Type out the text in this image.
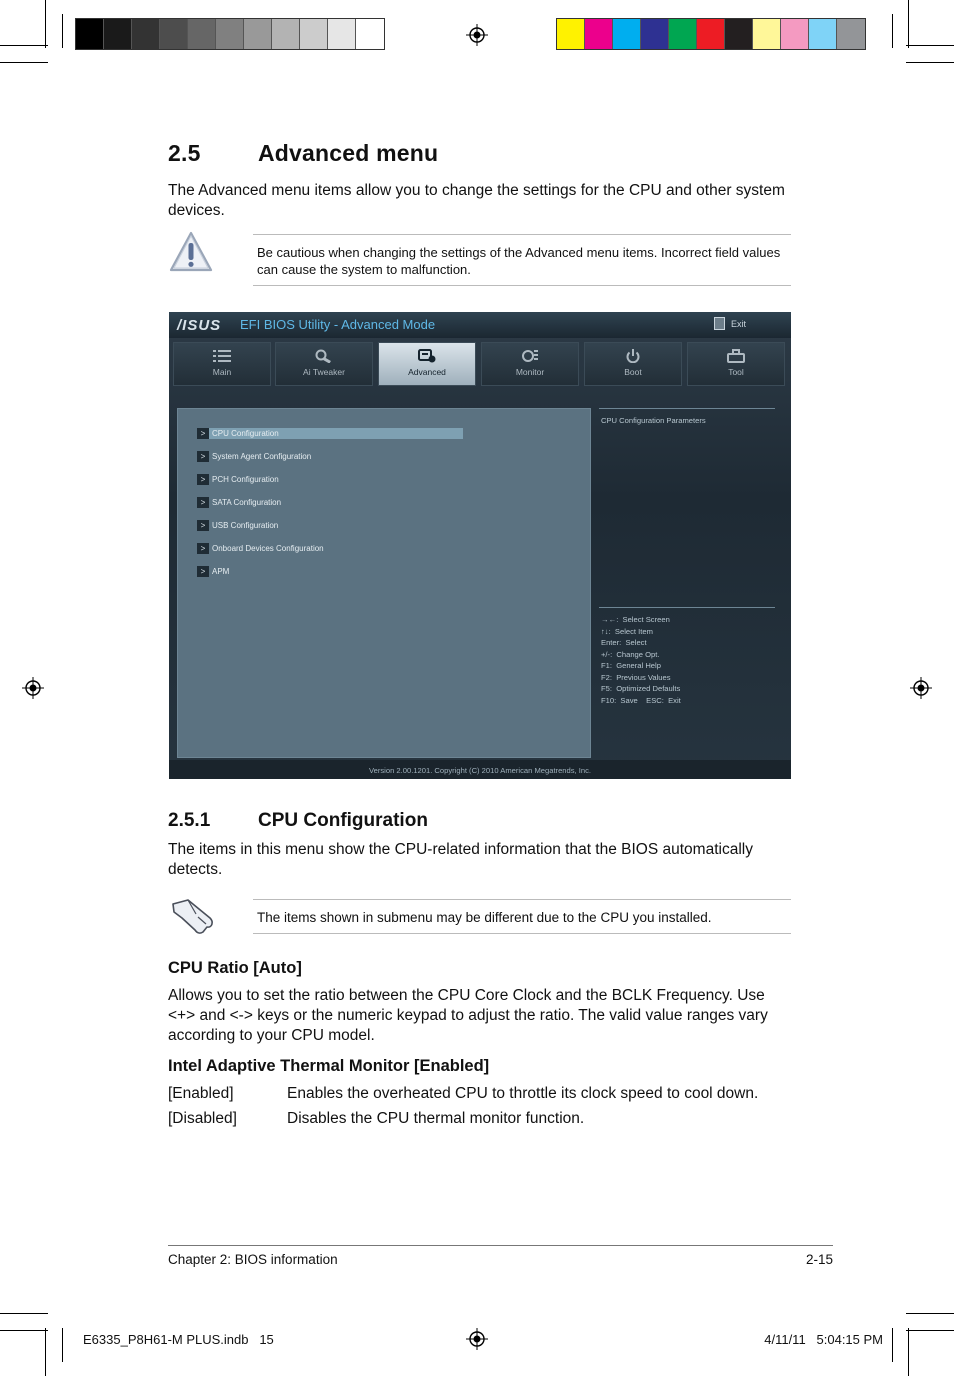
2.5 Advanced menu
The Advanced menu items allow you to change the settings for the CPU and other system devices.
Be cautious when changing the settings of the Advanced menu items. Incorrect field values can cause the system to malfunction.
/ISUS EFI BIOS Utility - Advanced Mode	Exit
Main	Ai Tweaker	Advanced	Monitor	Boot	Tool
> CPU Configuration
> System Agent Configuration
> PCH Configuration
> SATA Configuration
> USB Configuration
> Onboard Devices Configuration
> APM
CPU Configuration Parameters
→←:  Select Screen
↑↓:  Select Item
Enter:  Select
+/-:  Change Opt.
F1:  General Help
F2:  Previous Values
F5:  Optimized Defaults
F10:  Save    ESC:  Exit
Version 2.00.1201. Copyright (C) 2010 American Megatrends, Inc.
2.5.1	CPU Configuration
The items in this menu show the CPU-related information that the BIOS automatically detects.
The items shown in submenu may be different due to the CPU you installed.
CPU Ratio [Auto]
Allows you to set the ratio between the CPU Core Clock and the BCLK Frequency. Use <+> and <-> keys or the numeric keypad to adjust the ratio. The valid value ranges vary according to your CPU model.
Intel Adaptive Thermal Monitor [Enabled]
[Enabled]	Enables the overheated CPU to throttle its clock speed to cool down.
[Disabled]	Disables the CPU thermal monitor function.
Chapter 2: BIOS information	2-15
E6335_P8H61-M PLUS.indb   15	4/11/11   5:04:15 PM
